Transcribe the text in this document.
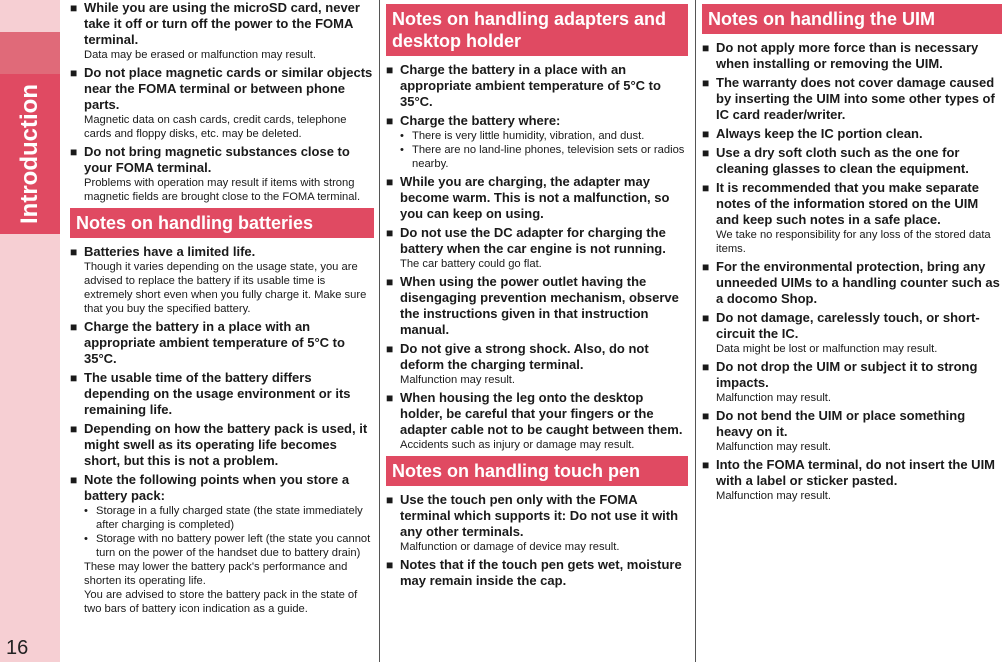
Introduction
16
■ While you are using the microSD card, never take it off or turn off the power to the FOMA terminal.
Data may be erased or malfunction may result.
■ Do not place magnetic cards or similar objects near the FOMA terminal or between phone parts.
Magnetic data on cash cards, credit cards, telephone cards and floppy disks, etc. may be deleted.
■ Do not bring magnetic substances close to your FOMA terminal.
Problems with operation may result if items with strong magnetic fields are brought close to the FOMA terminal.
Notes on handling batteries
■ Batteries have a limited life.
Though it varies depending on the usage state, you are advised to replace the battery if its usable time is extremely short even when you fully charge it. Make sure that you buy the specified battery.
■ Charge the battery in a place with an appropriate ambient temperature of 5°C to 35°C.
■ The usable time of the battery differs depending on the usage environment or its remaining life.
■ Depending on how the battery pack is used, it might swell as its operating life becomes short, but this is not a problem.
■ Note the following points when you store a battery pack:
• Storage in a fully charged state (the state immediately after charging is completed)
• Storage with no battery power left (the state you cannot turn on the power of the handset due to battery drain)
These may lower the battery pack's performance and shorten its operating life.
You are advised to store the battery pack in the state of two bars of battery icon indication as a guide.
Notes on handling adapters and desktop holder
■ Charge the battery in a place with an appropriate ambient temperature of 5°C to 35°C.
■ Charge the battery where:
• There is very little humidity, vibration, and dust.
• There are no land-line phones, television sets or radios nearby.
■ While you are charging, the adapter may become warm. This is not a malfunction, so you can keep on using.
■ Do not use the DC adapter for charging the battery when the car engine is not running.
The car battery could go flat.
■ When using the power outlet having the disengaging prevention mechanism, observe the instructions given in that instruction manual.
■ Do not give a strong shock. Also, do not deform the charging terminal.
Malfunction may result.
■ When housing the leg onto the desktop holder, be careful that your fingers or the adapter cable not to be caught between them.
Accidents such as injury or damage may result.
Notes on handling touch pen
■ Use the touch pen only with the FOMA terminal which supports it: Do not use it with any other terminals.
Malfunction or damage of device may result.
■ Notes that if the touch pen gets wet, moisture may remain inside the cap.
Notes on handling the UIM
■ Do not apply more force than is necessary when installing or removing the UIM.
■ The warranty does not cover damage caused by inserting the UIM into some other types of IC card reader/writer.
■ Always keep the IC portion clean.
■ Use a dry soft cloth such as the one for cleaning glasses to clean the equipment.
■ It is recommended that you make separate notes of the information stored on the UIM and keep such notes in a safe place.
We take no responsibility for any loss of the stored data items.
■ For the environmental protection, bring any unneeded UIMs to a handling counter such as a docomo Shop.
■ Do not damage, carelessly touch, or short-circuit the IC.
Data might be lost or malfunction may result.
■ Do not drop the UIM or subject it to strong impacts.
Malfunction may result.
■ Do not bend the UIM or place something heavy on it.
Malfunction may result.
■ Into the FOMA terminal, do not insert the UIM with a label or sticker pasted.
Malfunction may result.
